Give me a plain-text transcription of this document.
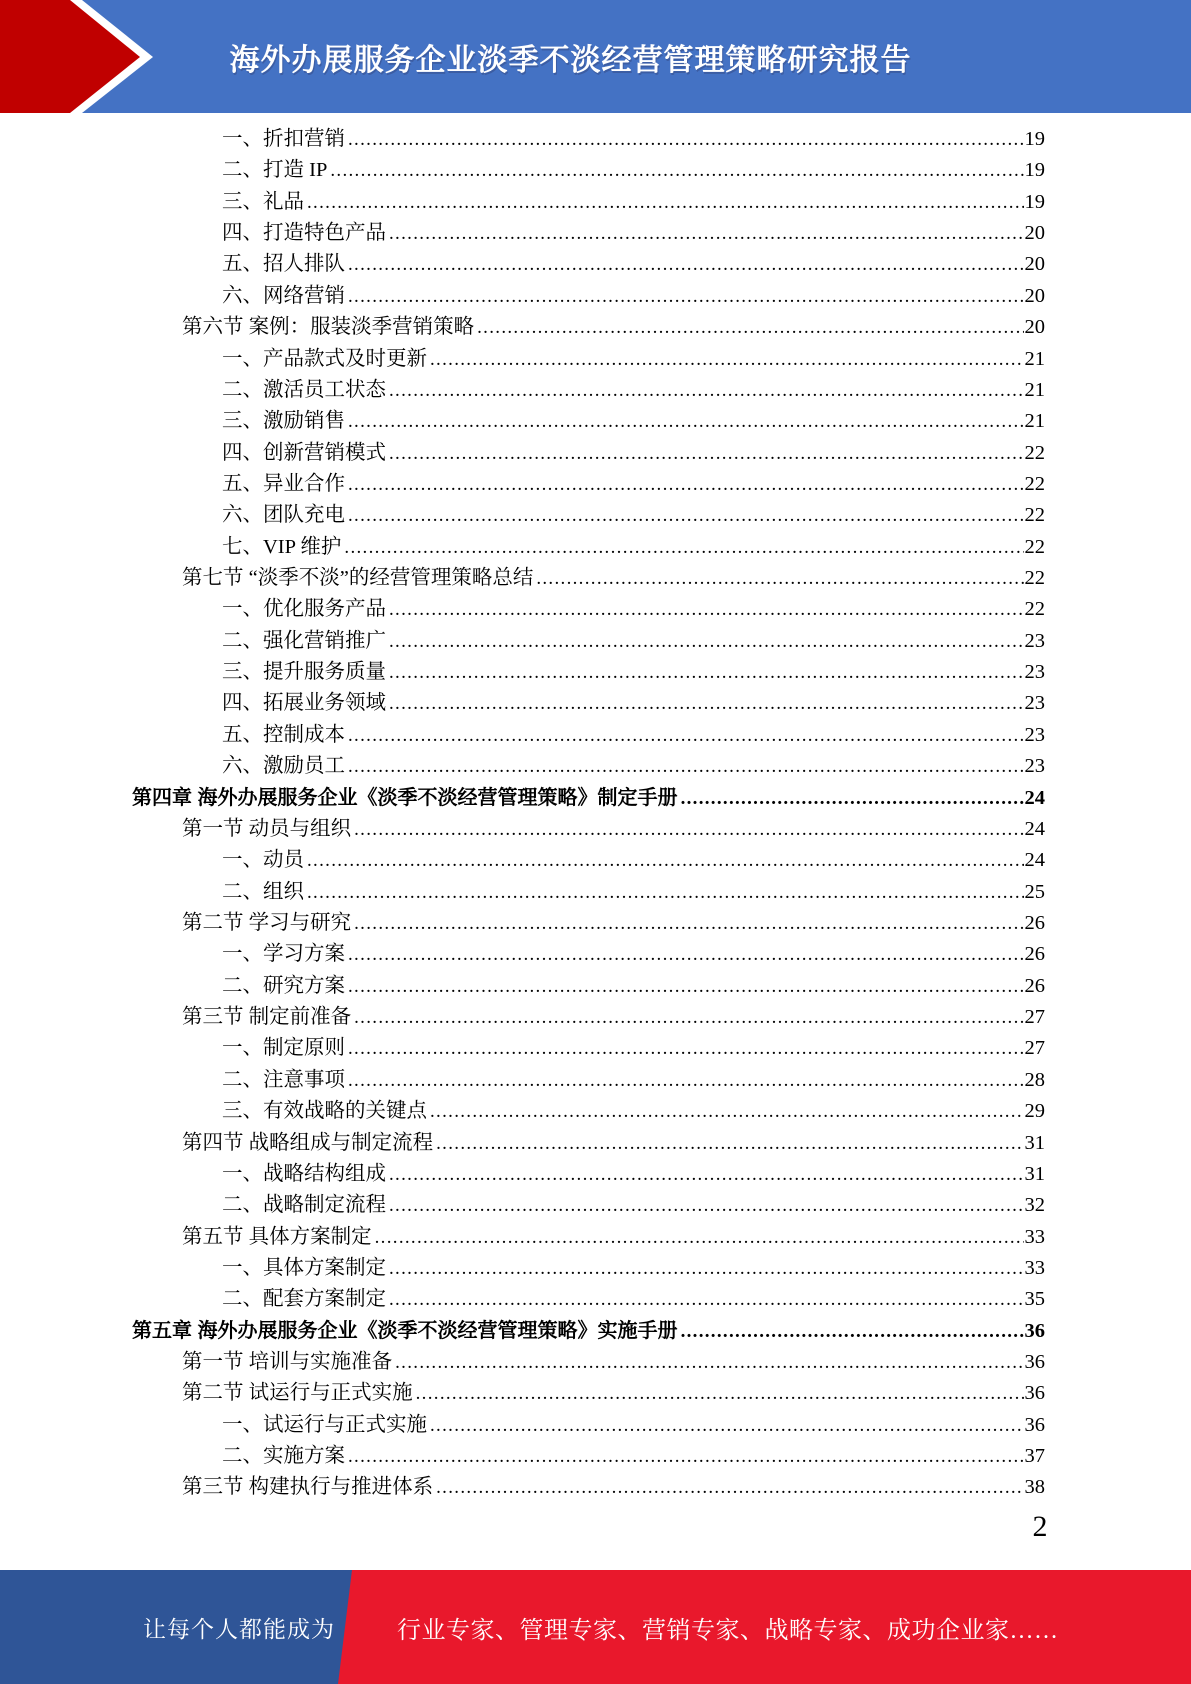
海外办展服务企业淡季不淡经营管理策略研究报告
一、折扣营销 .....	19
二、打造 IP .....	19
三、礼品 .....	19
四、打造特色产品 .....	20
五、招人排队 .....	20
六、网络营销 .....	20
第六节 案例：服装淡季营销策略 .....	20
一、产品款式及时更新 .....	21
二、激活员工状态 .....	21
三、激励销售 .....	21
四、创新营销模式 .....	22
五、异业合作 .....	22
六、团队充电 .....	22
七、VIP 维护 .....	22
第七节 “淡季不淡”的经营管理策略总结 .....	22
一、优化服务产品 .....	22
二、强化营销推广 .....	23
三、提升服务质量 .....	23
四、拓展业务领域 .....	23
五、控制成本 .....	23
六、激励员工 .....	23
第四章 海外办展服务企业《淡季不淡经营管理策略》制定手册 .....	24
第一节 动员与组织 .....	24
一、动员 .....	24
二、组织 .....	25
第二节 学习与研究 .....	26
一、学习方案 .....	26
二、研究方案 .....	26
第三节 制定前准备 .....	27
一、制定原则 .....	27
二、注意事项 .....	28
三、有效战略的关键点 .....	29
第四节 战略组成与制定流程 .....	31
一、战略结构组成 .....	31
二、战略制定流程 .....	32
第五节 具体方案制定 .....	33
一、具体方案制定 .....	33
二、配套方案制定 .....	35
第五章 海外办展服务企业《淡季不淡经营管理策略》实施手册 .....	36
第一节 培训与实施准备 .....	36
第二节 试运行与正式实施 .....	36
一、试运行与正式实施 .....	36
二、实施方案 .....	37
第三节 构建执行与推进体系 .....	38
2
让每个人都能成为	行业专家、管理专家、营销专家、战略专家、成功企业家……
